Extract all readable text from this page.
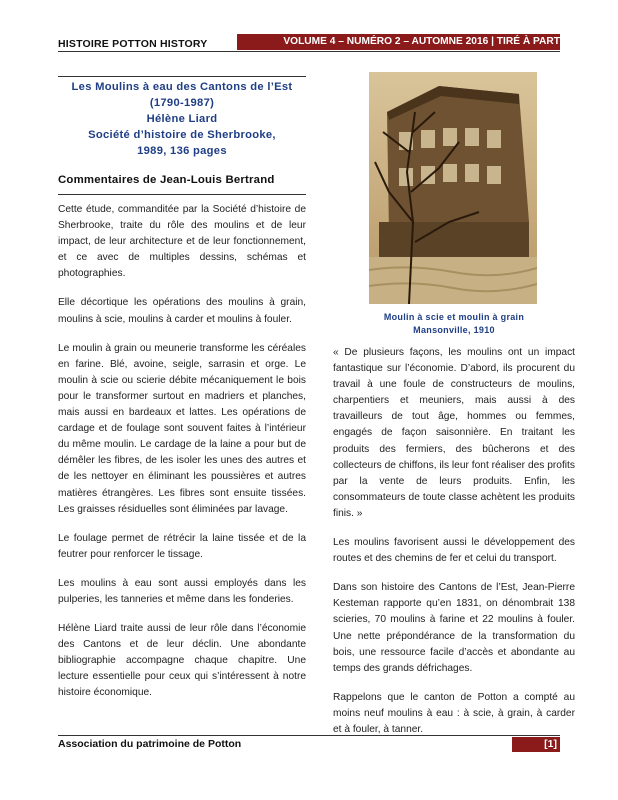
HISTOIRE POTTON HISTORY	VOLUME 4 – NUMÉRO 2 – AUTOMNE 2016 | TIRÉ À PART
Les Moulins à eau des Cantons de l’Est
(1790-1987)
Hélène Liard
Société d’histoire de Sherbrooke,
1989, 136 pages
Commentaires de Jean-Louis Bertrand

Cette étude, commanditée par la Société d’histoire de Sherbrooke, traite du rôle des moulins et de leur impact, de leur architecture et de leur fonctionnement, et ce avec de multiples dessins, schémas et photographies.

Elle décortique les opérations des moulins à grain, moulins à scie, moulins à carder et moulins à fouler.

Le moulin à grain ou meunerie transforme les céréales en farine. Blé, avoine, seigle, sarrasin et orge. Le moulin à scie ou scierie débite mécaniquement le bois pour le transformer surtout en madriers et planches, mais aussi en bardeaux et lattes. Les opérations de cardage et de foulage sont souvent faites à l’intérieur du même moulin. Le cardage de la laine a pour but de démêler les fibres, de les isoler les unes des autres et de les nettoyer en éliminant les poussières et autres matières étrangères. Les fibres sont ensuite tissées. Les graisses résiduelles sont éliminées par lavage.

Le foulage permet de rétrécir la laine tissée et de la feutrer pour renforcer le tissage.

Les moulins à eau sont aussi employés dans les pulperies, les tanneries et même dans les fonderies.

Hélène Liard traite aussi de leur rôle dans l’économie des Cantons et de leur déclin. Une abondante bibliographie accompagne chaque chapitre. Une lecture essentielle pour ceux qui s’intéressent à notre histoire économique.

Moulin à scie et moulin à grain
Mansonville, 1910

« De plusieurs façons, les moulins ont un impact fantastique sur l’économie. D’abord, ils procurent du travail à une foule de constructeurs de moulins, charpentiers et meuniers, mais aussi à des travailleurs de tout âge, hommes ou femmes, engagés de façon saisonnière. En traitant les produits des fermiers, des bûcherons et des collecteurs de chiffons, ils leur font réaliser des profits par la vente de leurs produits. Enfin, les consommateurs de toute classe achètent les produits finis. »

Les moulins favorisent aussi le développement des routes et des chemins de fer et celui du transport.

Dans son histoire des Cantons de l’Est, Jean-Pierre Kesteman rapporte qu’en 1831, on dénombrait 138 scieries, 70 moulins à farine et 22 moulins à fouler. Une nette prépondérance de la transformation du bois, une ressource facile d’accès et abondante au temps des grands défrichages.

Rappelons que le canton de Potton a compté au moins neuf moulins à eau : à scie, à grain, à carder et à fouler, à tanner.

Association du patrimoine de Potton	[1]
